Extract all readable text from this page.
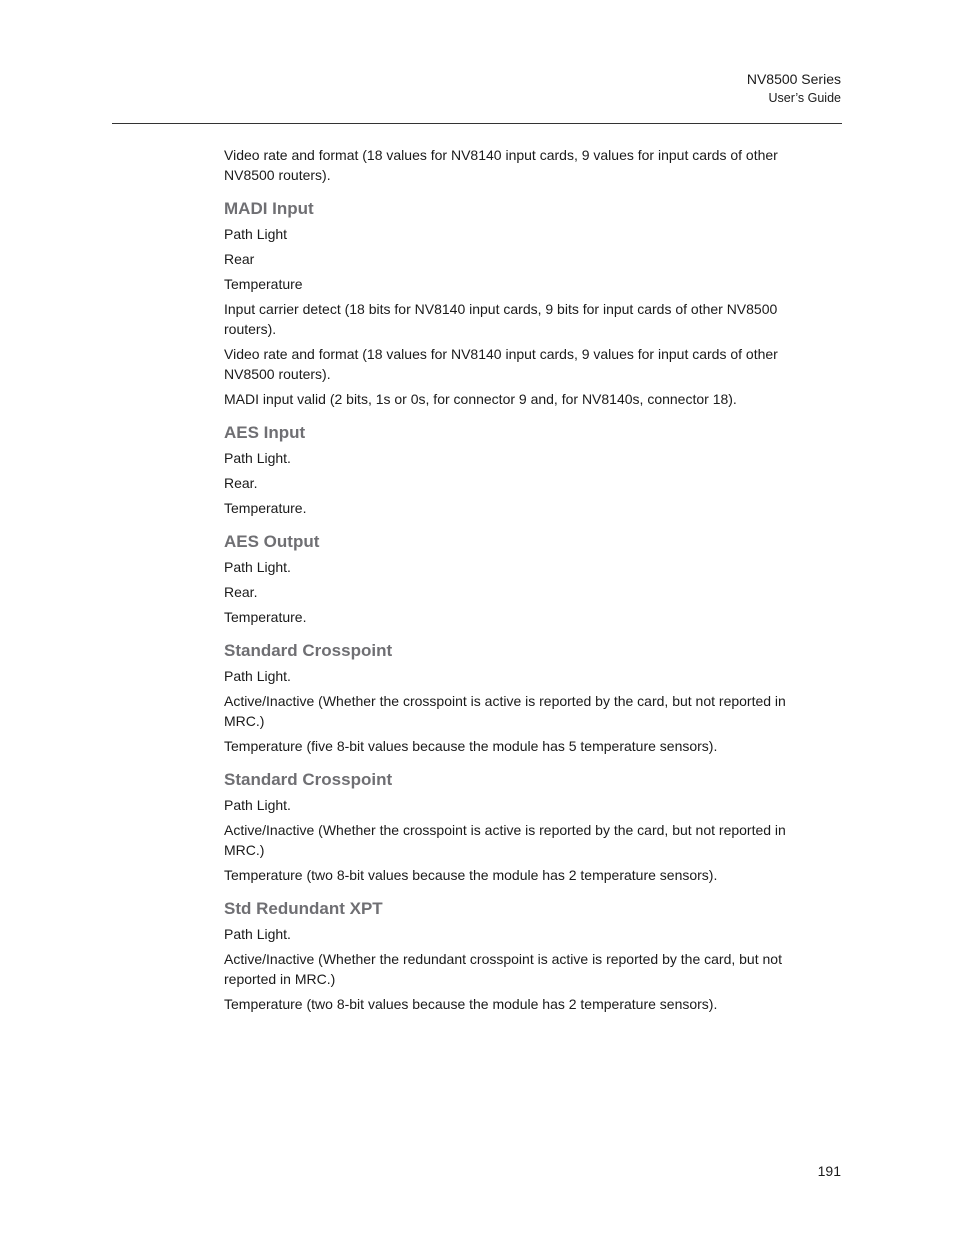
NV8500 Series
User’s Guide

Video rate and format (18 values for NV8140 input cards, 9 values for input cards of other NV8500 routers).

MADI Input

Path Light

Rear

Temperature

Input carrier detect (18 bits for NV8140 input cards, 9 bits for input cards of other NV8500 routers).

Video rate and format (18 values for NV8140 input cards, 9 values for input cards of other NV8500 routers).

MADI input valid (2 bits, 1s or 0s, for connector 9 and, for NV8140s, connector 18).

AES Input

Path Light.

Rear.

Temperature.

AES Output

Path Light.

Rear.

Temperature.

Standard Crosspoint

Path Light.

Active/Inactive (Whether the crosspoint is active is reported by the card, but not reported in MRC.)

Temperature (five 8-bit values because the module has 5 temperature sensors).

Standard Crosspoint

Path Light.

Active/Inactive (Whether the crosspoint is active is reported by the card, but not reported in MRC.)

Temperature (two 8-bit values because the module has 2 temperature sensors).

Std Redundant XPT

Path Light.

Active/Inactive (Whether the redundant crosspoint is active is reported by the card, but not reported in MRC.)

Temperature (two 8-bit values because the module has 2 temperature sensors).

191
